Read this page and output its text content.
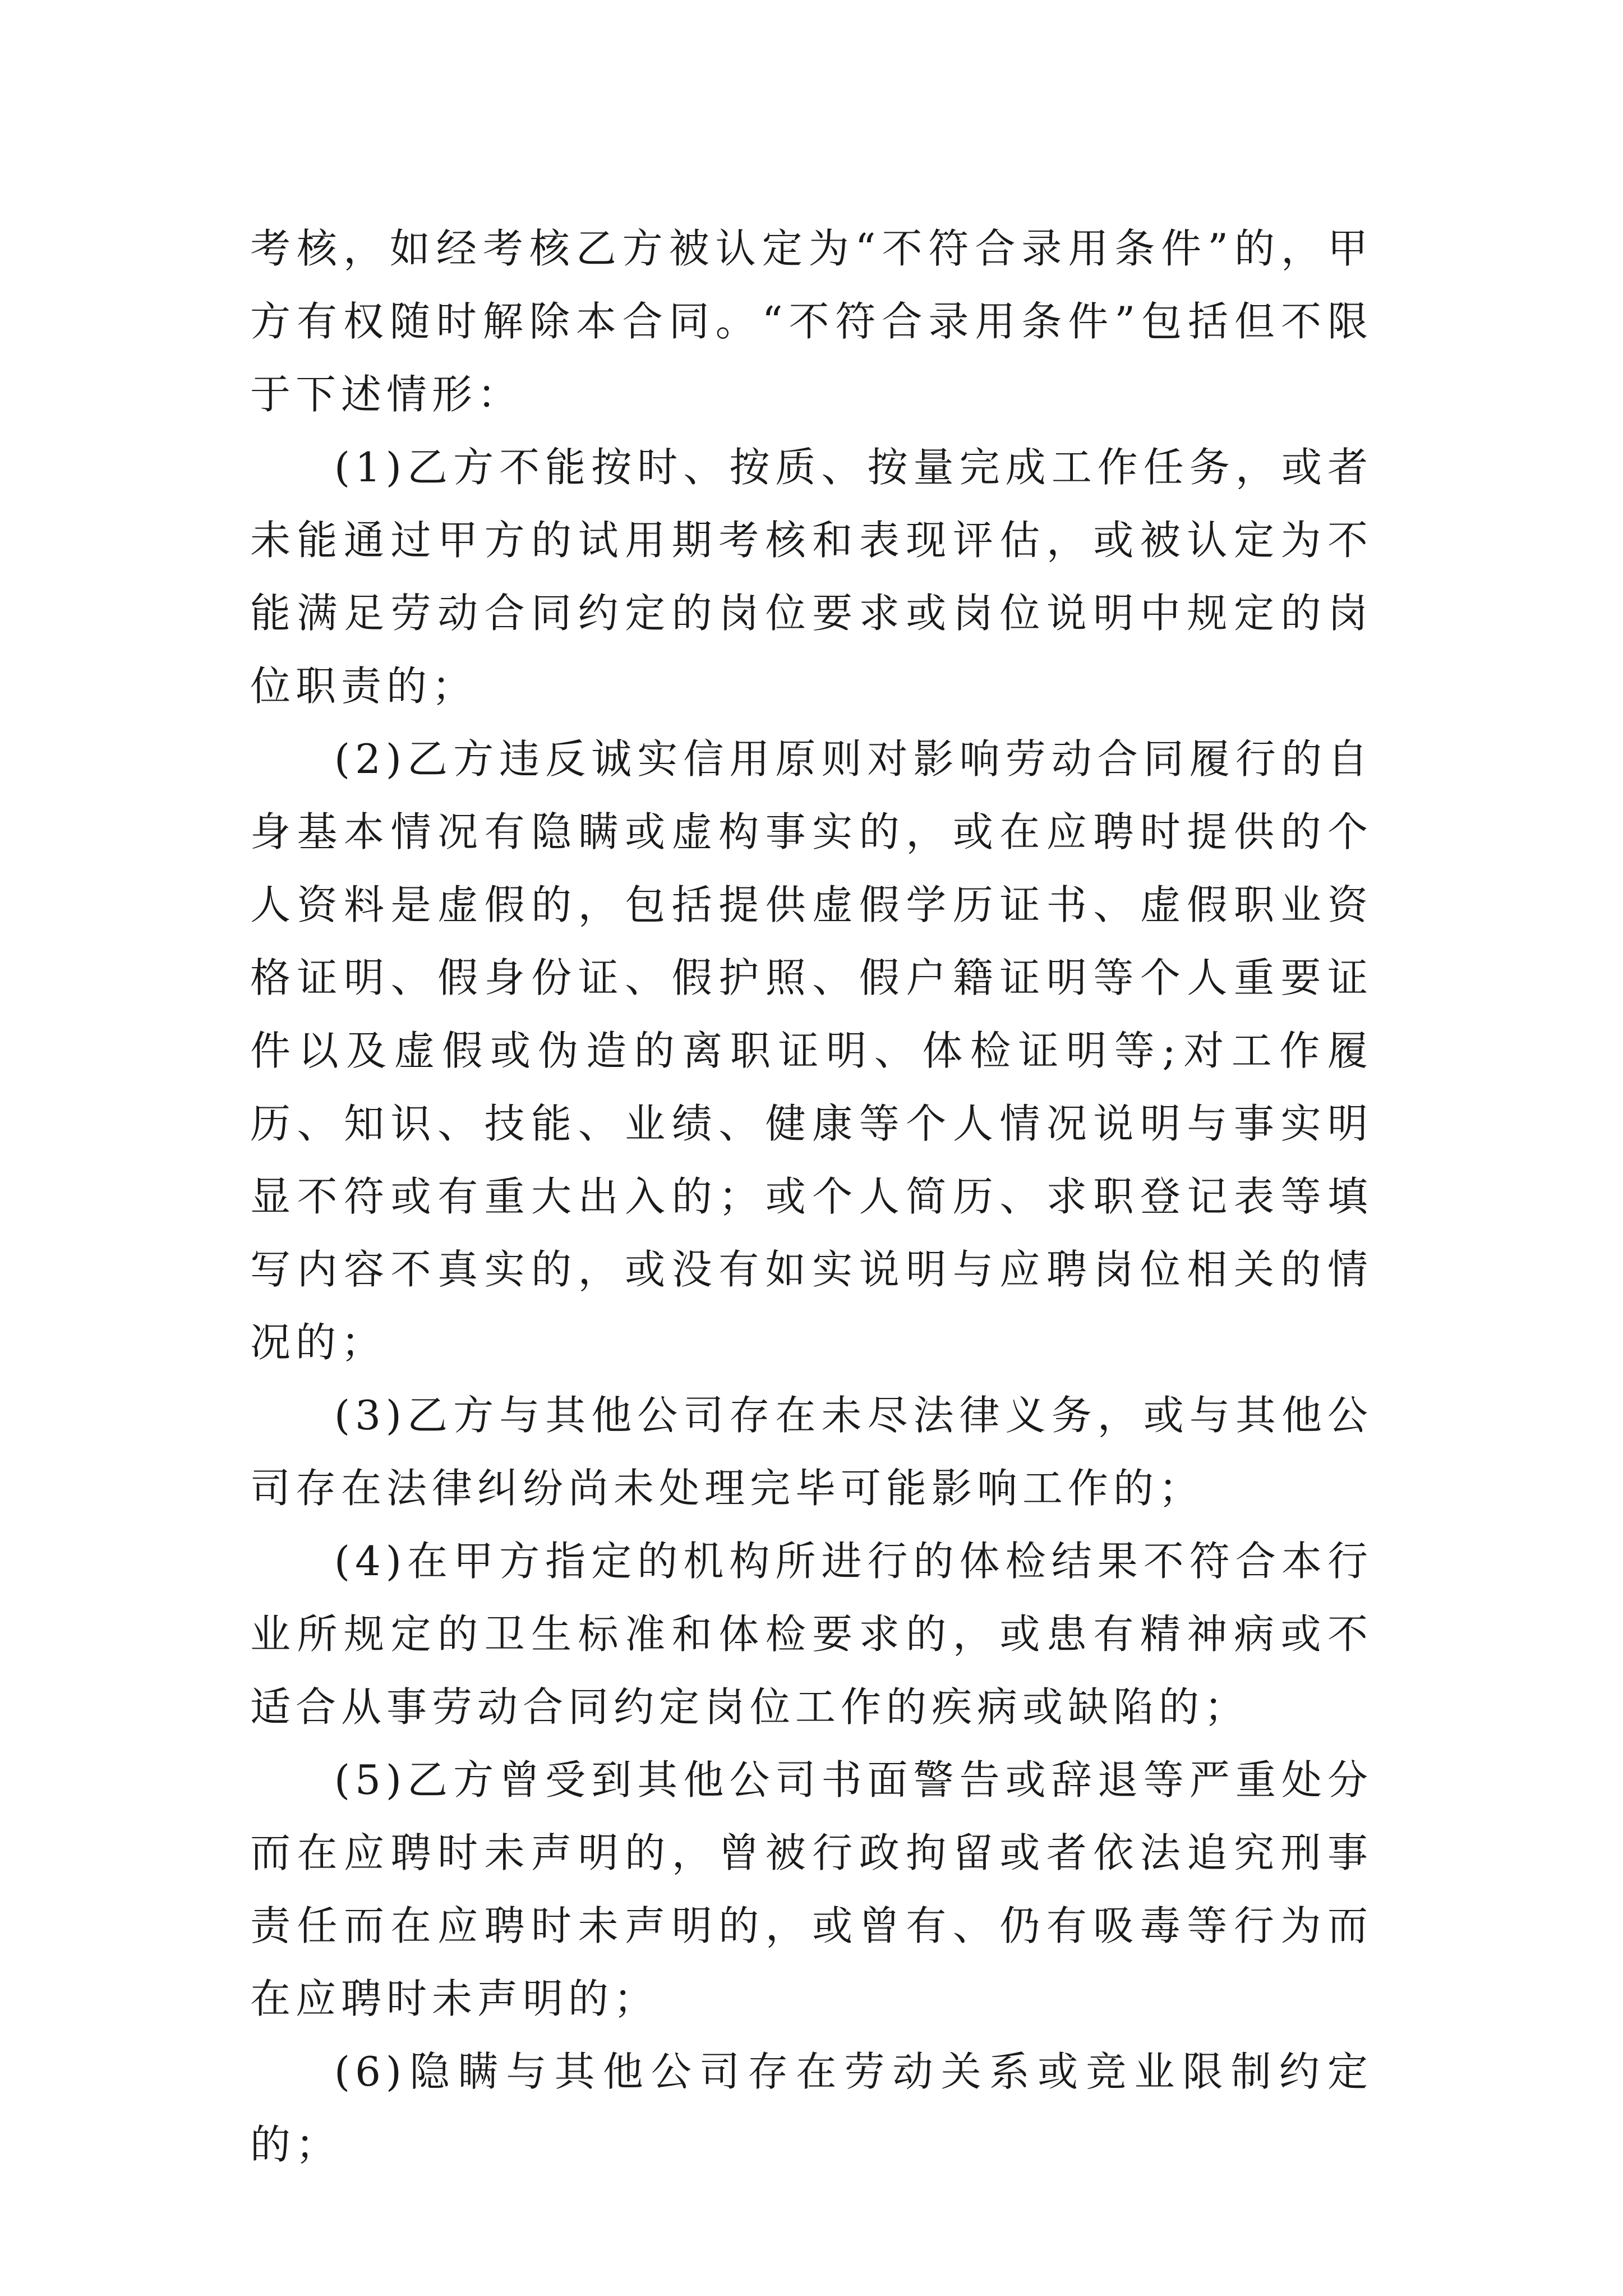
考核，如经考核乙方被认定为“不符合录用条件”的，甲方有权随时解除本合同。“不符合录用条件”包括但不限于下述情形：

(1)乙方不能按时、按质、按量完成工作任务，或者未能通过甲方的试用期考核和表现评估，或被认定为不能满足劳动合同约定的岗位要求或岗位说明中规定的岗位职责的；

(2)乙方违反诚实信用原则对影响劳动合同履行的自身基本情况有隐瞒或虚构事实的，或在应聘时提供的个人资料是虚假的，包括提供虚假学历证书、虚假职业资格证明、假身份证、假护照、假户籍证明等个人重要证件以及虚假或伪造的离职证明、体检证明等;对工作履历、知识、技能、业绩、健康等个人情况说明与事实明显不符或有重大出入的；或个人简历、求职登记表等填写内容不真实的，或没有如实说明与应聘岗位相关的情况的；

(3)乙方与其他公司存在未尽法律义务，或与其他公司存在法律纠纷尚未处理完毕可能影响工作的；

(4)在甲方指定的机构所进行的体检结果不符合本行业所规定的卫生标准和体检要求的，或患有精神病或不适合从事劳动合同约定岗位工作的疾病或缺陷的；

(5)乙方曾受到其他公司书面警告或辞退等严重处分而在应聘时未声明的，曾被行政拘留或者依法追究刑事责任而在应聘时未声明的，或曾有、仍有吸毒等行为而在应聘时未声明的；

(6)隐瞒与其他公司存在劳动关系或竞业限制约定的；
